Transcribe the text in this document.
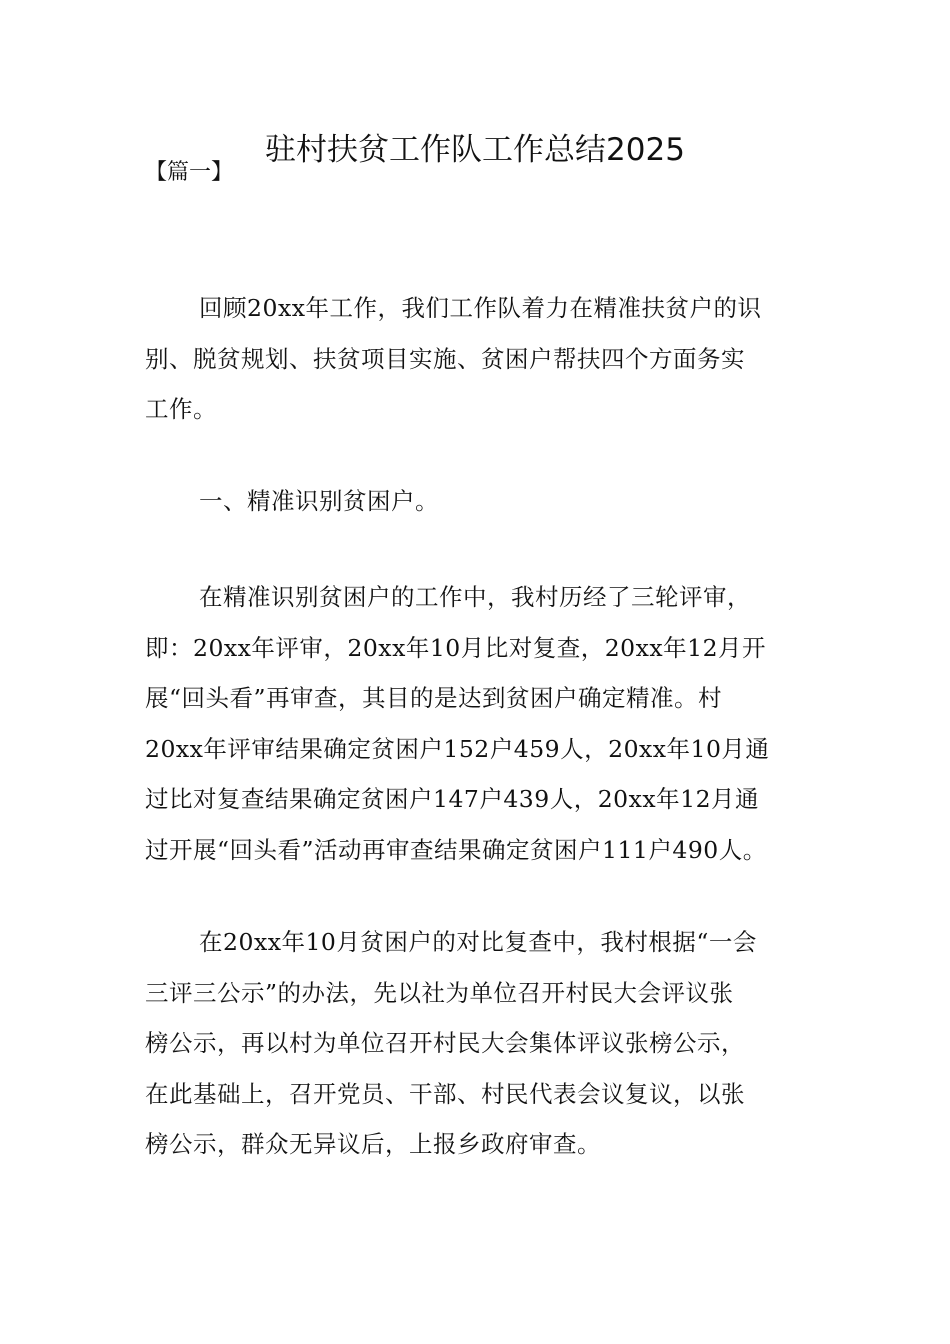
驻村扶贫工作队工作总结2025
【篇一】

回顾20xx年工作，我们工作队着力在精准扶贫户的识
别、脱贫规划、扶贫项目实施、贫困户帮扶四个方面务实
工作。

一、精准识别贫困户。

在精准识别贫困户的工作中，我村历经了三轮评审，
即：20xx年评审，20xx年10月比对复查，20xx年12月开
展“回头看”再审查，其目的是达到贫困户确定精准。村
20xx年评审结果确定贫困户152户459人，20xx年10月通
过比对复查结果确定贫困户147户439人，20xx年12月通
过开展“回头看”活动再审查结果确定贫困户111户490人。

在20xx年10月贫困户的对比复查中，我村根据“一会
三评三公示”的办法，先以社为单位召开村民大会评议张
榜公示，再以村为单位召开村民大会集体评议张榜公示，
在此基础上，召开党员、干部、村民代表会议复议，以张
榜公示，群众无异议后，上报乡政府审查。
